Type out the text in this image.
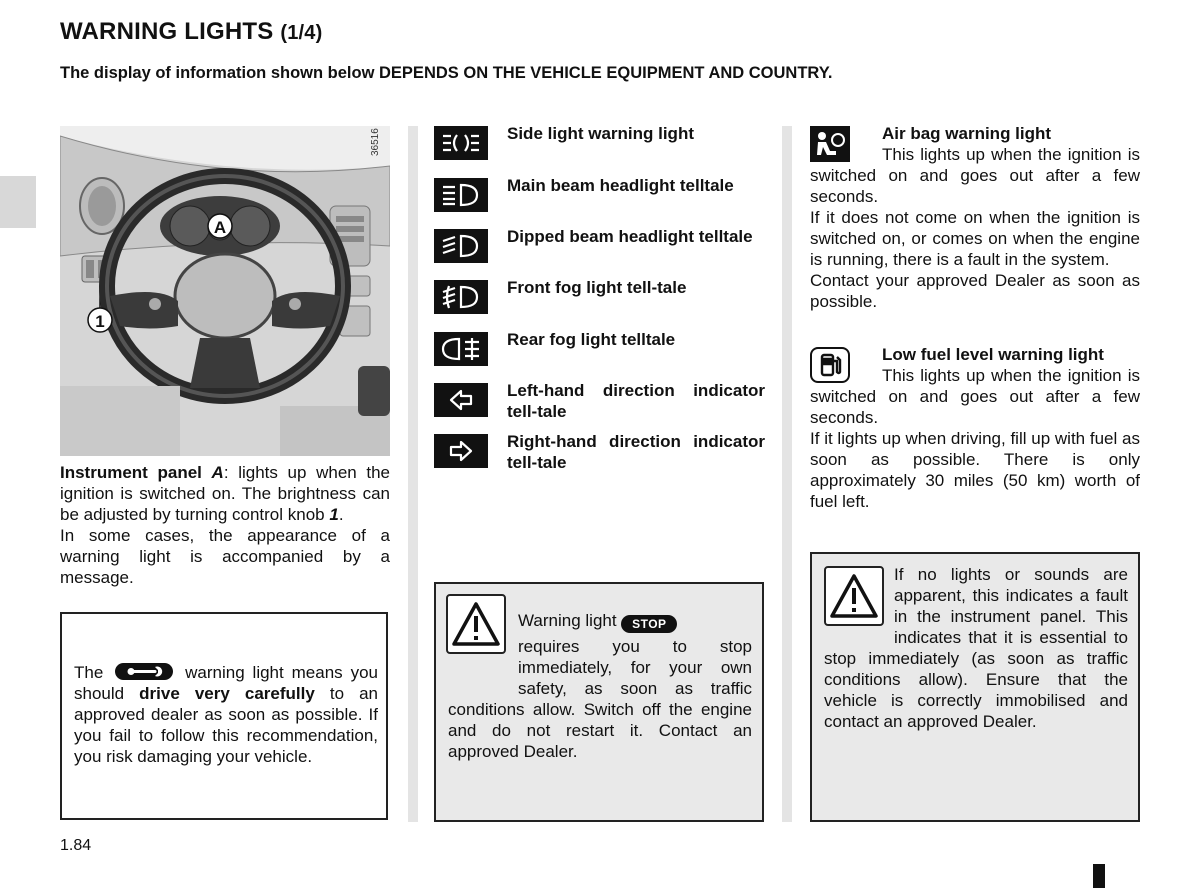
WARNING LIGHTS (1/4)
The display of information shown below DEPENDS ON THE VEHICLE EQUIPMENT AND COUNTRY.
36516
A
1
Instrument panel A: lights up when the ignition is switched on. The brightness can be adjusted by turning control knob 1.
In some cases, the appearance of a warning light is accompanied by a message.
The	warning light means you should drive very carefully to an approved dealer as soon as possible. If you fail to follow this recommendation, you risk damaging your vehicle.
Side light warning light
Main beam headlight telltale
Dipped beam headlight telltale
Front fog light tell-tale
Rear fog light telltale
Left-hand direction indicator tell-tale
Right-hand direction indicator tell-tale
Warning light STOP
requires you to stop immediately, for your own safety, as soon as traffic conditions allow. Switch off the engine and do not restart it. Contact an approved Dealer.
Air bag warning light
This lights up when the ignition is switched on and goes out after a few seconds.
If it does not come on when the ignition is switched on, or comes on when the engine is running, there is a fault in the system.
Contact your approved Dealer as soon as possible.
Low fuel level warning light
This lights up when the ignition is switched on and goes out after a few seconds.
If it lights up when driving, fill up with fuel as soon as possible. There is only approximately 30 miles (50 km) worth of fuel left.
If no lights or sounds are apparent, this indicates a fault in the instrument panel. This indicates that it is essential to stop immediately (as soon as traffic conditions allow). Ensure that the vehicle is correctly immobilised and contact an approved Dealer.
1.84
